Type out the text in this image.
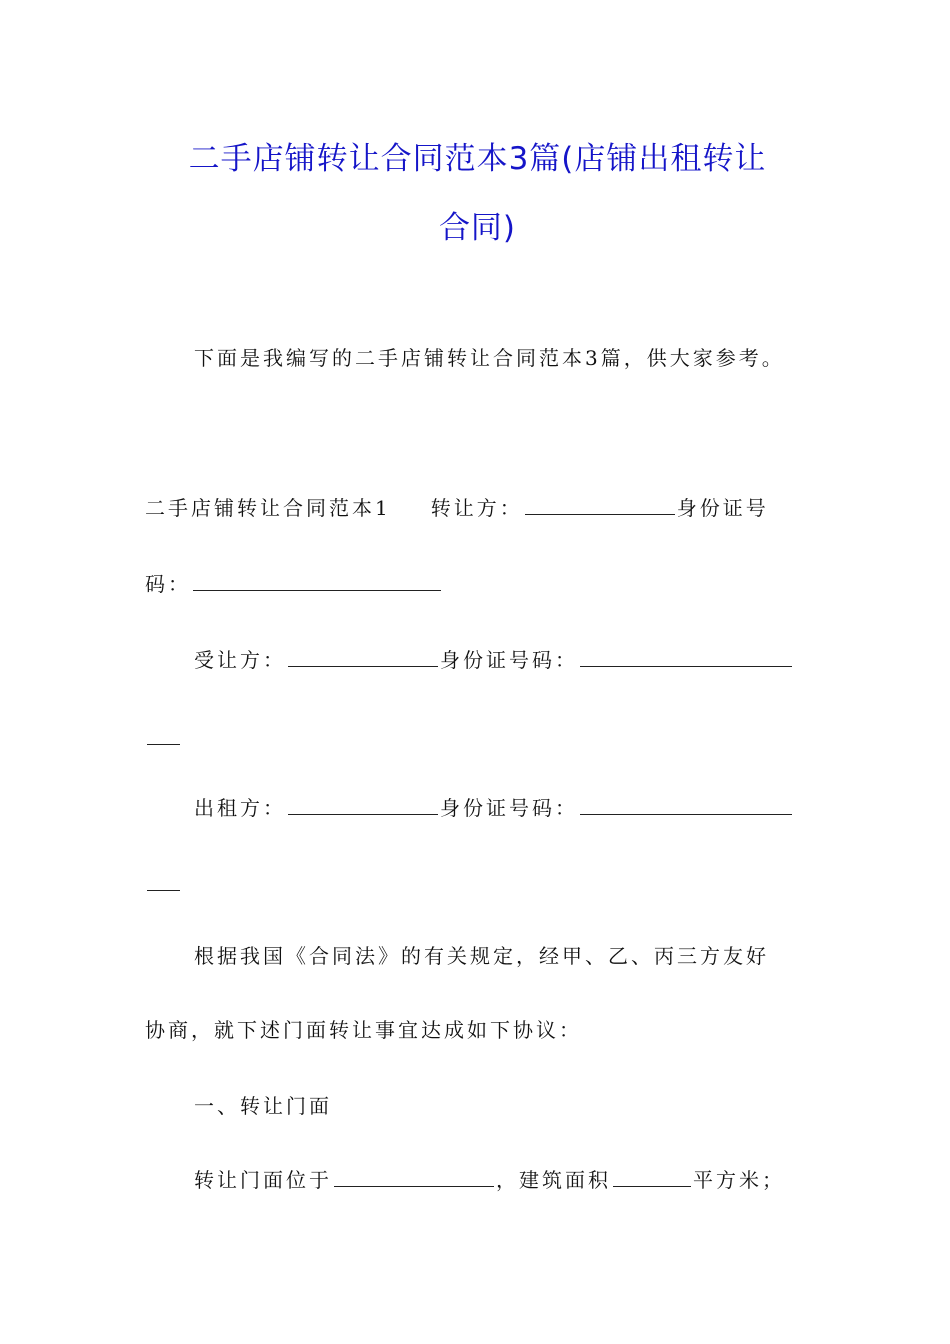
二手店铺转让合同范本3篇(店铺出租转让
合同)
下面是我编写的二手店铺转让合同范本3篇，供大家参考。
二手店铺转让合同范本1 转让方：	身份证号
码：
受让方：	身份证号码：
出租方：	身份证号码：
根据我国《合同法》的有关规定，经甲、乙、丙三方友好
协商，就下述门面转让事宜达成如下协议：
一、转让门面
转让门面位于	，建筑面积	平方米；
